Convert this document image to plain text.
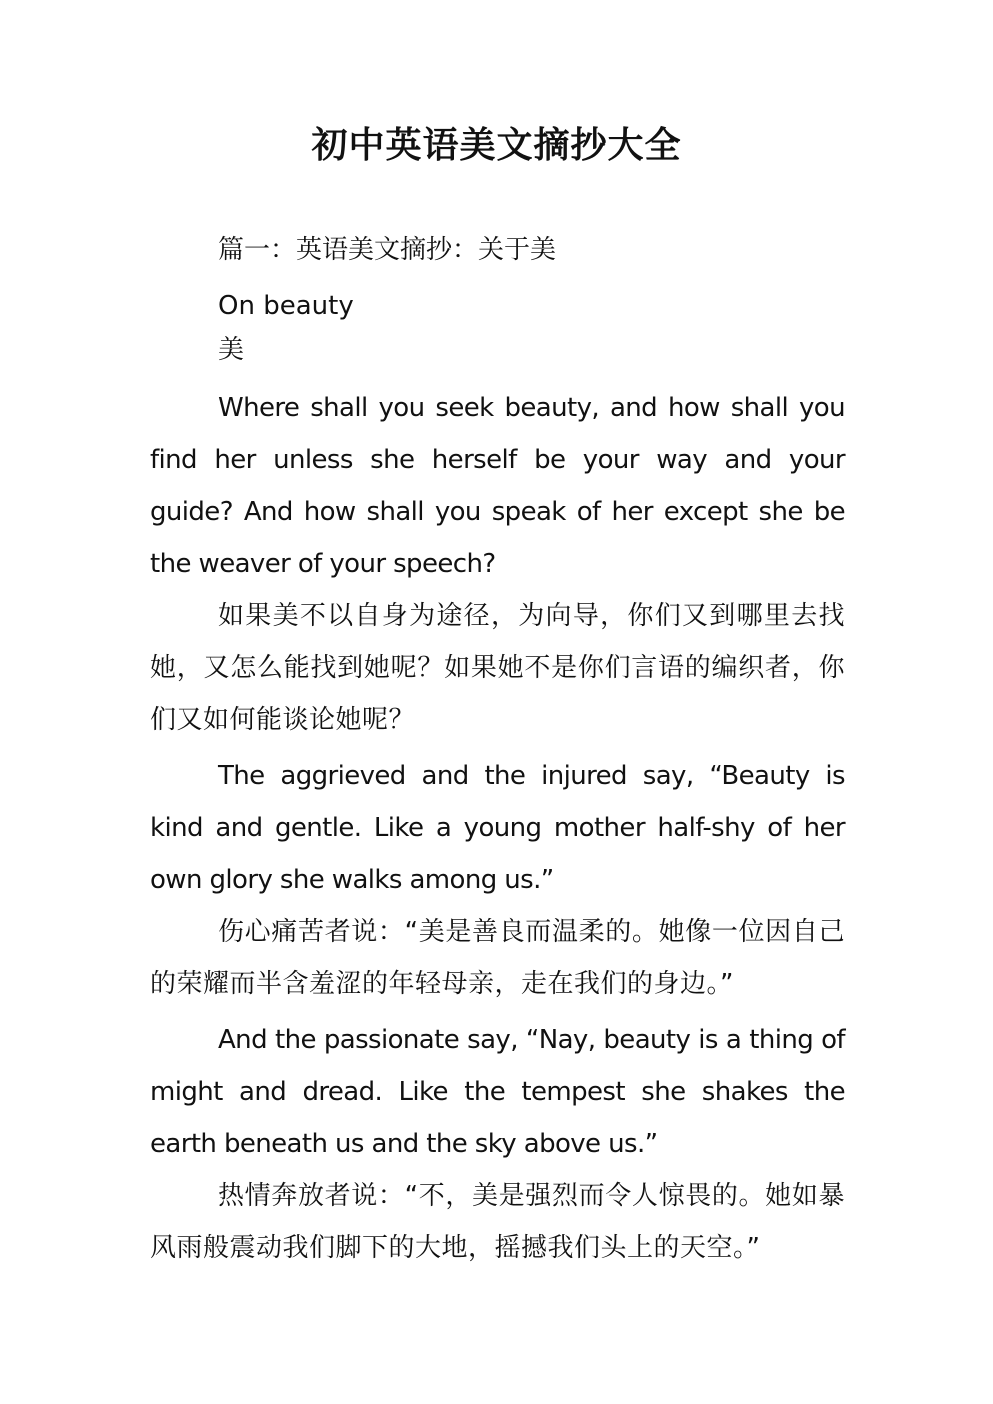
初中英语美文摘抄大全

篇一：英语美文摘抄：关于美

On beauty

美

Where shall you seek beauty, and how shall you find her unless she herself be your way and your guide? And how shall you speak of her except she be the weaver of your speech?

如果美不以自身为途径，为向导，你们又到哪里去找她，又怎么能找到她呢？如果她不是你们言语的编织者，你们又如何能谈论她呢？

The aggrieved and the injured say, “Beauty is kind and gentle. Like a young mother half-shy of her own glory she walks among us.”

伤心痛苦者说：“美是善良而温柔的。她像一位因自己的荣耀而半含羞涩的年轻母亲，走在我们的身边。”

And the passionate say, “Nay, beauty is a thing of might and dread. Like the tempest she shakes the earth beneath us and the sky above us.”

热情奔放者说：“不，美是强烈而令人惊畏的。她如暴风雨般震动我们脚下的大地，摇撼我们头上的天空。”
